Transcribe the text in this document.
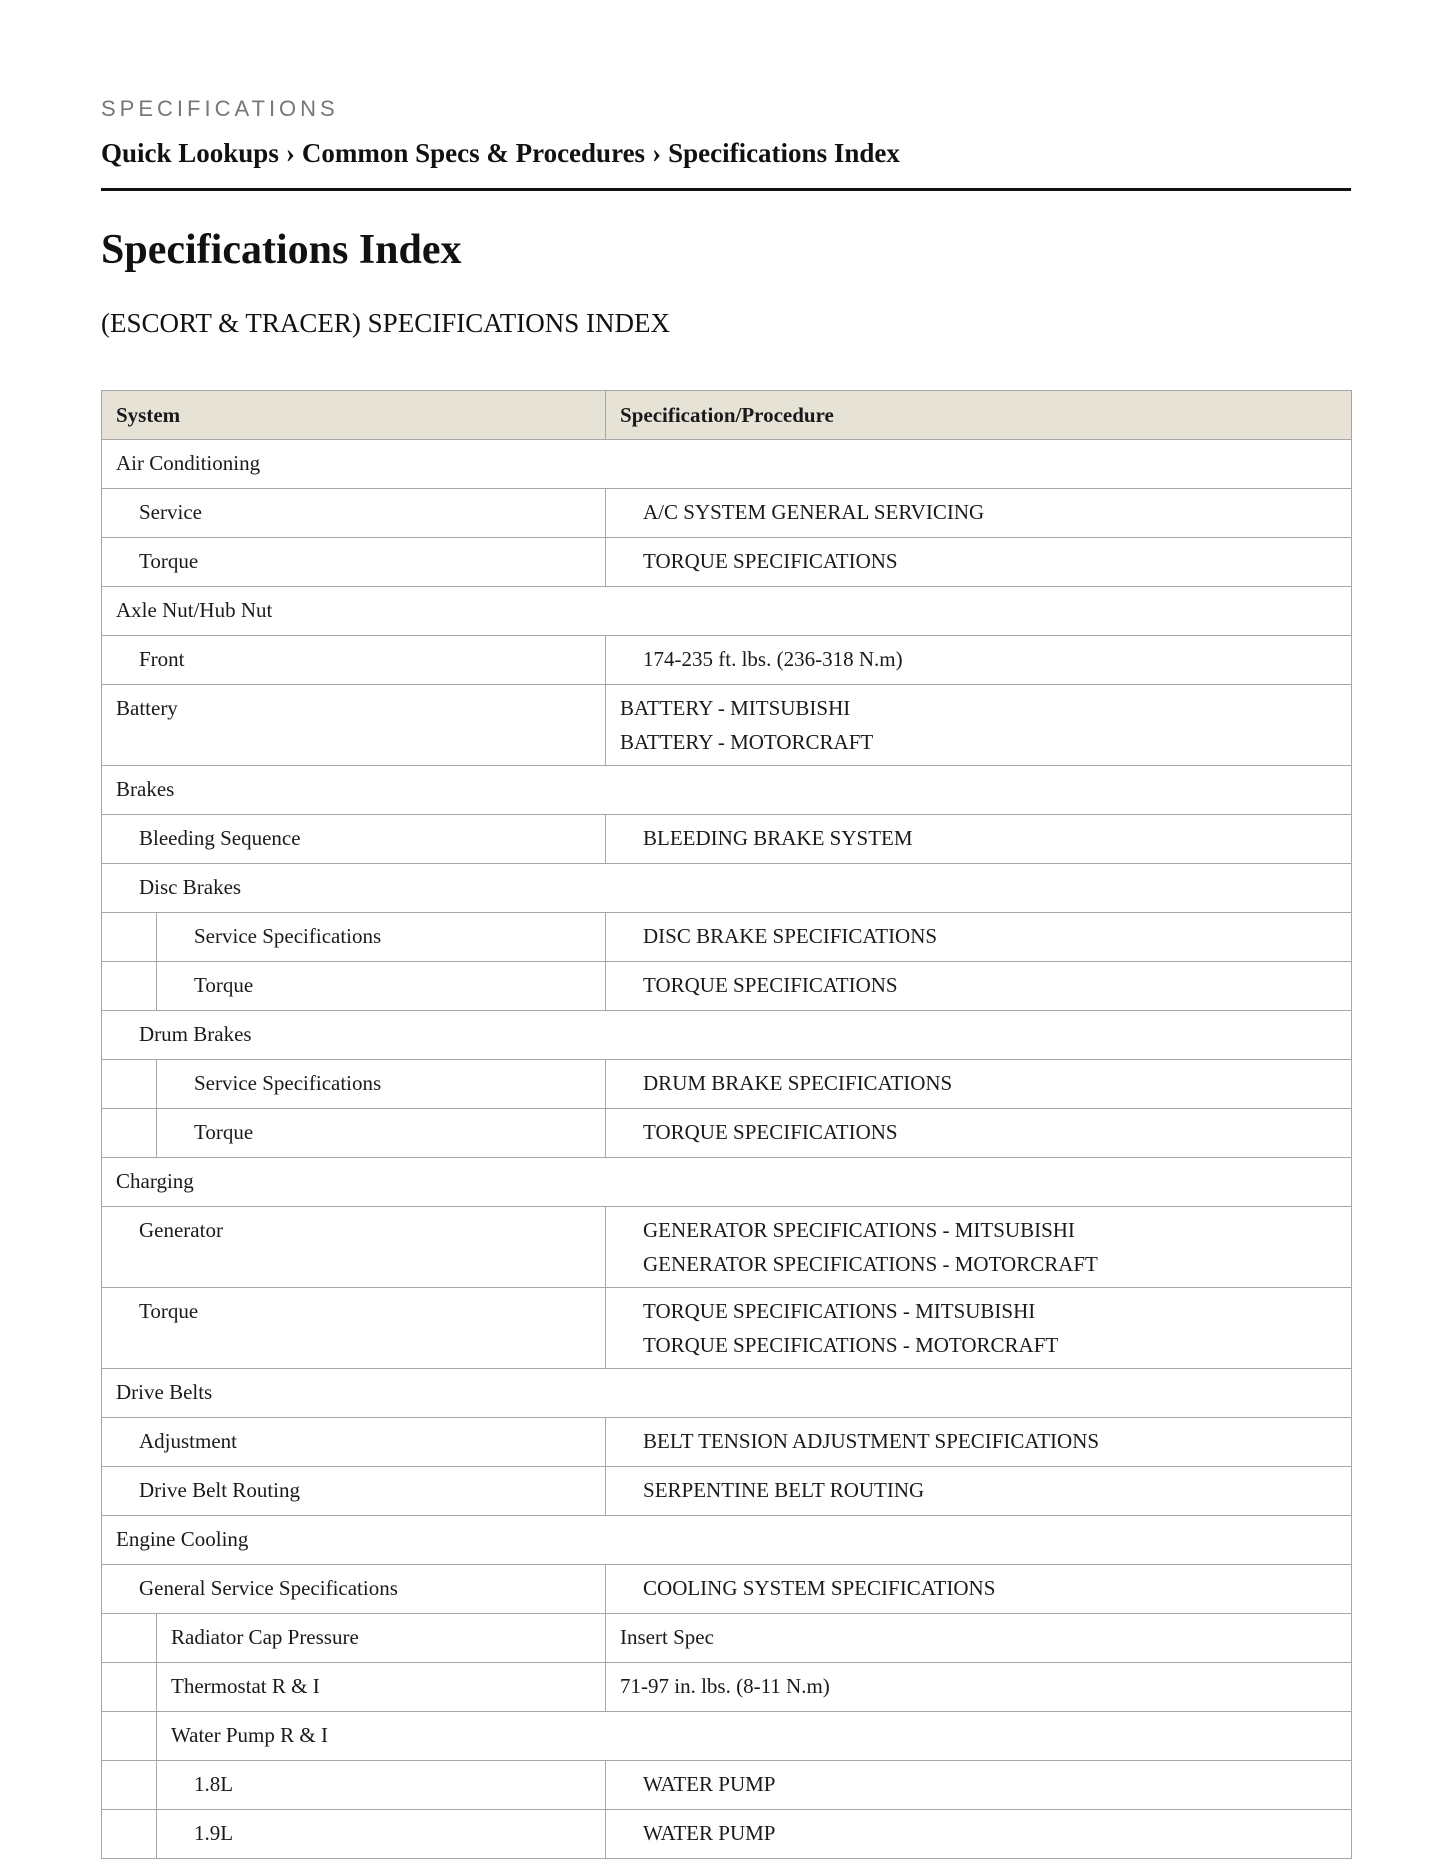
SPECIFICATIONS
Quick Lookups › Common Specs & Procedures › Specifications Index
Specifications Index
(ESCORT & TRACER) SPECIFICATIONS INDEX
System		Specification/Procedure

Air Conditioning		

Service		A/C SYSTEM GENERAL SERVICING

Torque		TORQUE SPECIFICATIONS

Axle Nut/Hub Nut		

Front		174-235 ft. lbs. (236-318 N.m)

Battery		BATTERY - MITSUBISHI
BATTERY - MOTORCRAFT

Brakes		

Bleeding Sequence		BLEEDING BRAKE SYSTEM

Disc Brakes		

	Service Specifications	DISC BRAKE SPECIFICATIONS

	Torque	TORQUE SPECIFICATIONS

Drum Brakes		

	Service Specifications	DRUM BRAKE SPECIFICATIONS

	Torque	TORQUE SPECIFICATIONS

Charging		

Generator		GENERATOR SPECIFICATIONS - MITSUBISHI
GENERATOR SPECIFICATIONS - MOTORCRAFT

Torque		TORQUE SPECIFICATIONS - MITSUBISHI
TORQUE SPECIFICATIONS - MOTORCRAFT

Drive Belts		

Adjustment		BELT TENSION ADJUSTMENT SPECIFICATIONS

Drive Belt Routing		SERPENTINE BELT ROUTING

Engine Cooling		

General Service Specifications		COOLING SYSTEM SPECIFICATIONS

	Radiator Cap Pressure	Insert Spec

	Thermostat R & I	71-97 in. lbs. (8-11 N.m)

	Water Pump R & I	

	1.8L	WATER PUMP

	1.9L	WATER PUMP
